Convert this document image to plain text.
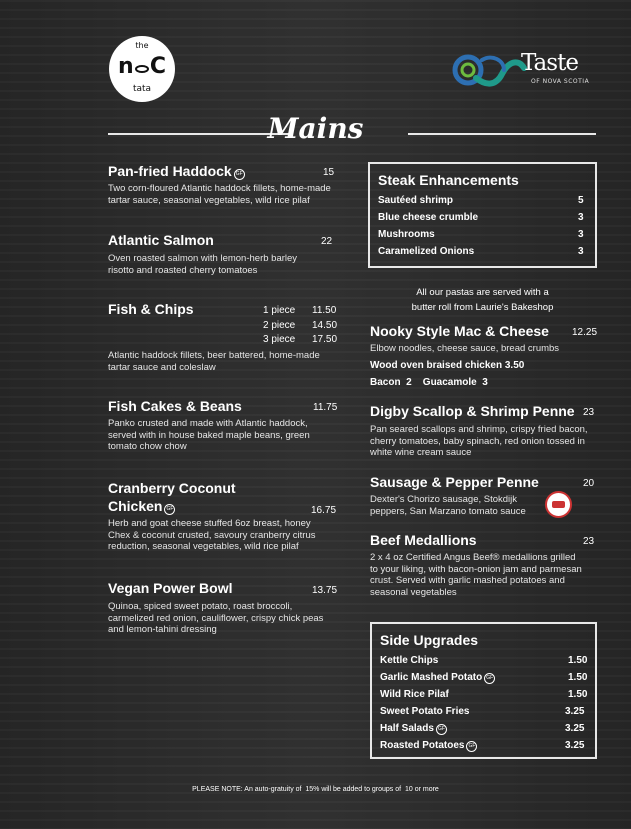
the
n C
tata
Taste
OF NOVA SCOTIA
Mains
Pan-fried Haddock GF	15
Two corn-floured Atlantic haddock fillets, home-made
tartar sauce, seasonal vegetables, wild rice pilaf
Atlantic Salmon	22
Oven roasted salmon with lemon-herb barley
risotto and roasted cherry tomatoes
Fish & Chips	1 piece 11.50
2 piece 14.50
3 piece 17.50
Atlantic haddock fillets, beer battered, home-made
tartar sauce and coleslaw
Fish Cakes & Beans	11.75
Panko crusted and made with Atlantic haddock,
served with in house baked maple beans, green
tomato chow chow
Cranberry Coconut
Chicken GF	16.75
Herb and goat cheese stuffed 6oz breast, honey
Chex & coconut crusted, savoury cranberry citrus
reduction, seasonal vegetables, wild rice pilaf
Vegan Power Bowl	13.75
Quinoa, spiced sweet potato, roast broccoli,
carmelized red onion, cauliflower, crispy chick peas
and lemon-tahini dressing
Steak Enhancements
Sautéed shrimp	5
Blue cheese crumble	3
Mushrooms	3
Caramelized Onions	3
All our pastas are served with a
butter roll from Laurie's Bakeshop
Nooky Style Mac & Cheese 12.25
Elbow noodles, cheese sauce, bread crumbs
Wood oven braised chicken 3.50
Bacon  2    Guacamole  3
Digby Scallop & Shrimp Penne 23
Pan seared scallops and shrimp, crispy fried bacon,
cherry tomatoes, baby spinach, red onion tossed in
white wine cream sauce
Sausage & Pepper Penne	20
Dexter's Chorizo sausage, Stokdijk
peppers, San Marzano tomato sauce
Beef Medallions	23
2 x 4 oz Certified Angus Beef® medallions grilled
to your liking, with bacon-onion jam and parmesan
crust. Served with garlic mashed potatoes and
seasonal vegetables
Side Upgrades
Kettle Chips	1.50
Garlic Mashed Potato GF	1.50
Wild Rice Pilaf	1.50
Sweet Potato Fries	3.25
Half Salads GF	3.25
Roasted Potatoes GF	3.25
PLEASE NOTE: An auto-gratuity of  15% will be added to groups of  10 or more
